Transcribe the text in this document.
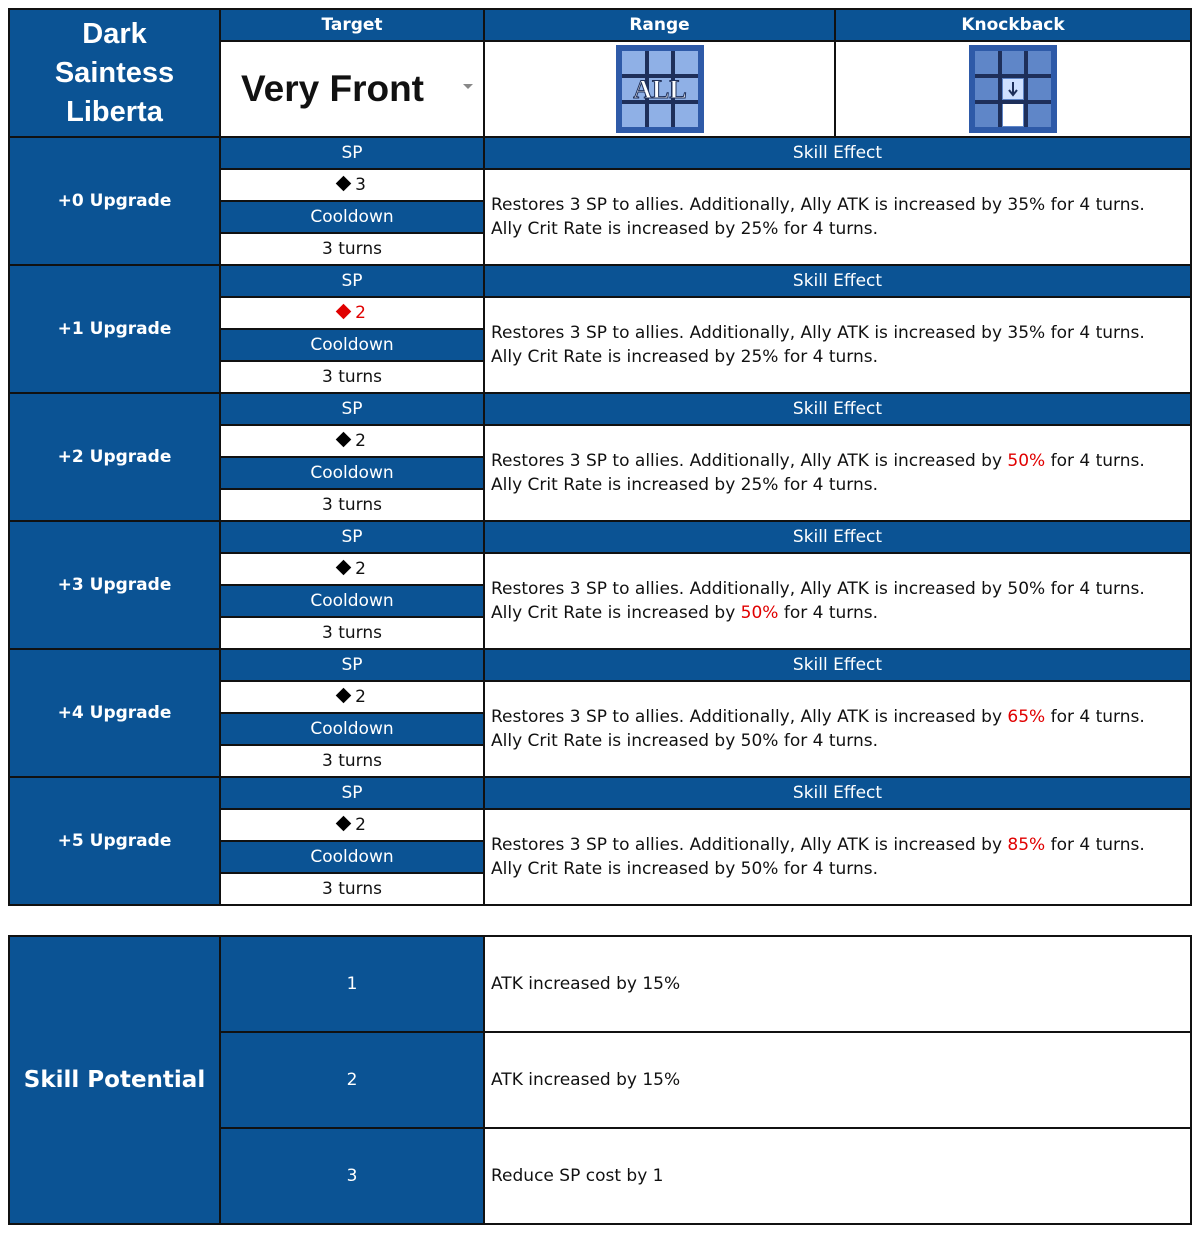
Dark
Saintess
Liberta	Target	Range	Knockback
	Very Front	ALL

+0 Upgrade	SP	Skill Effect	
	3	Restores 3 SP to allies. Additionally, Ally ATK is increased by 35% for 4 turns.
Ally Crit Rate is increased by 25% for 4 turns.	

	Cooldown		
	3 turns		
+1 Upgrade	SP	Skill Effect	
	2	Restores 3 SP to allies. Additionally, Ally ATK is increased by 35% for 4 turns.
Ally Crit Rate is increased by 25% for 4 turns.	

	Cooldown		
	3 turns		
+2 Upgrade	SP	Skill Effect	
	2	Restores 3 SP to allies. Additionally, Ally ATK is increased by 50% for 4 turns.
Ally Crit Rate is increased by 25% for 4 turns.	

	Cooldown		
	3 turns		
+3 Upgrade	SP	Skill Effect	
	2	Restores 3 SP to allies. Additionally, Ally ATK is increased by 50% for 4 turns.
Ally Crit Rate is increased by 50% for 4 turns.	

	Cooldown		
	3 turns		
+4 Upgrade	SP	Skill Effect	
	2	Restores 3 SP to allies. Additionally, Ally ATK is increased by 65% for 4 turns.
Ally Crit Rate is increased by 50% for 4 turns.	

	Cooldown		
	3 turns		
+5 Upgrade	SP	Skill Effect	
	2	Restores 3 SP to allies. Additionally, Ally ATK is increased by 85% for 4 turns.
Ally Crit Rate is increased by 50% for 4 turns.	

	Cooldown		
	3 turns		
Skill Potential	1	ATK increased by 15%
	2	ATK increased by 15%
	3	Reduce SP cost by 1
